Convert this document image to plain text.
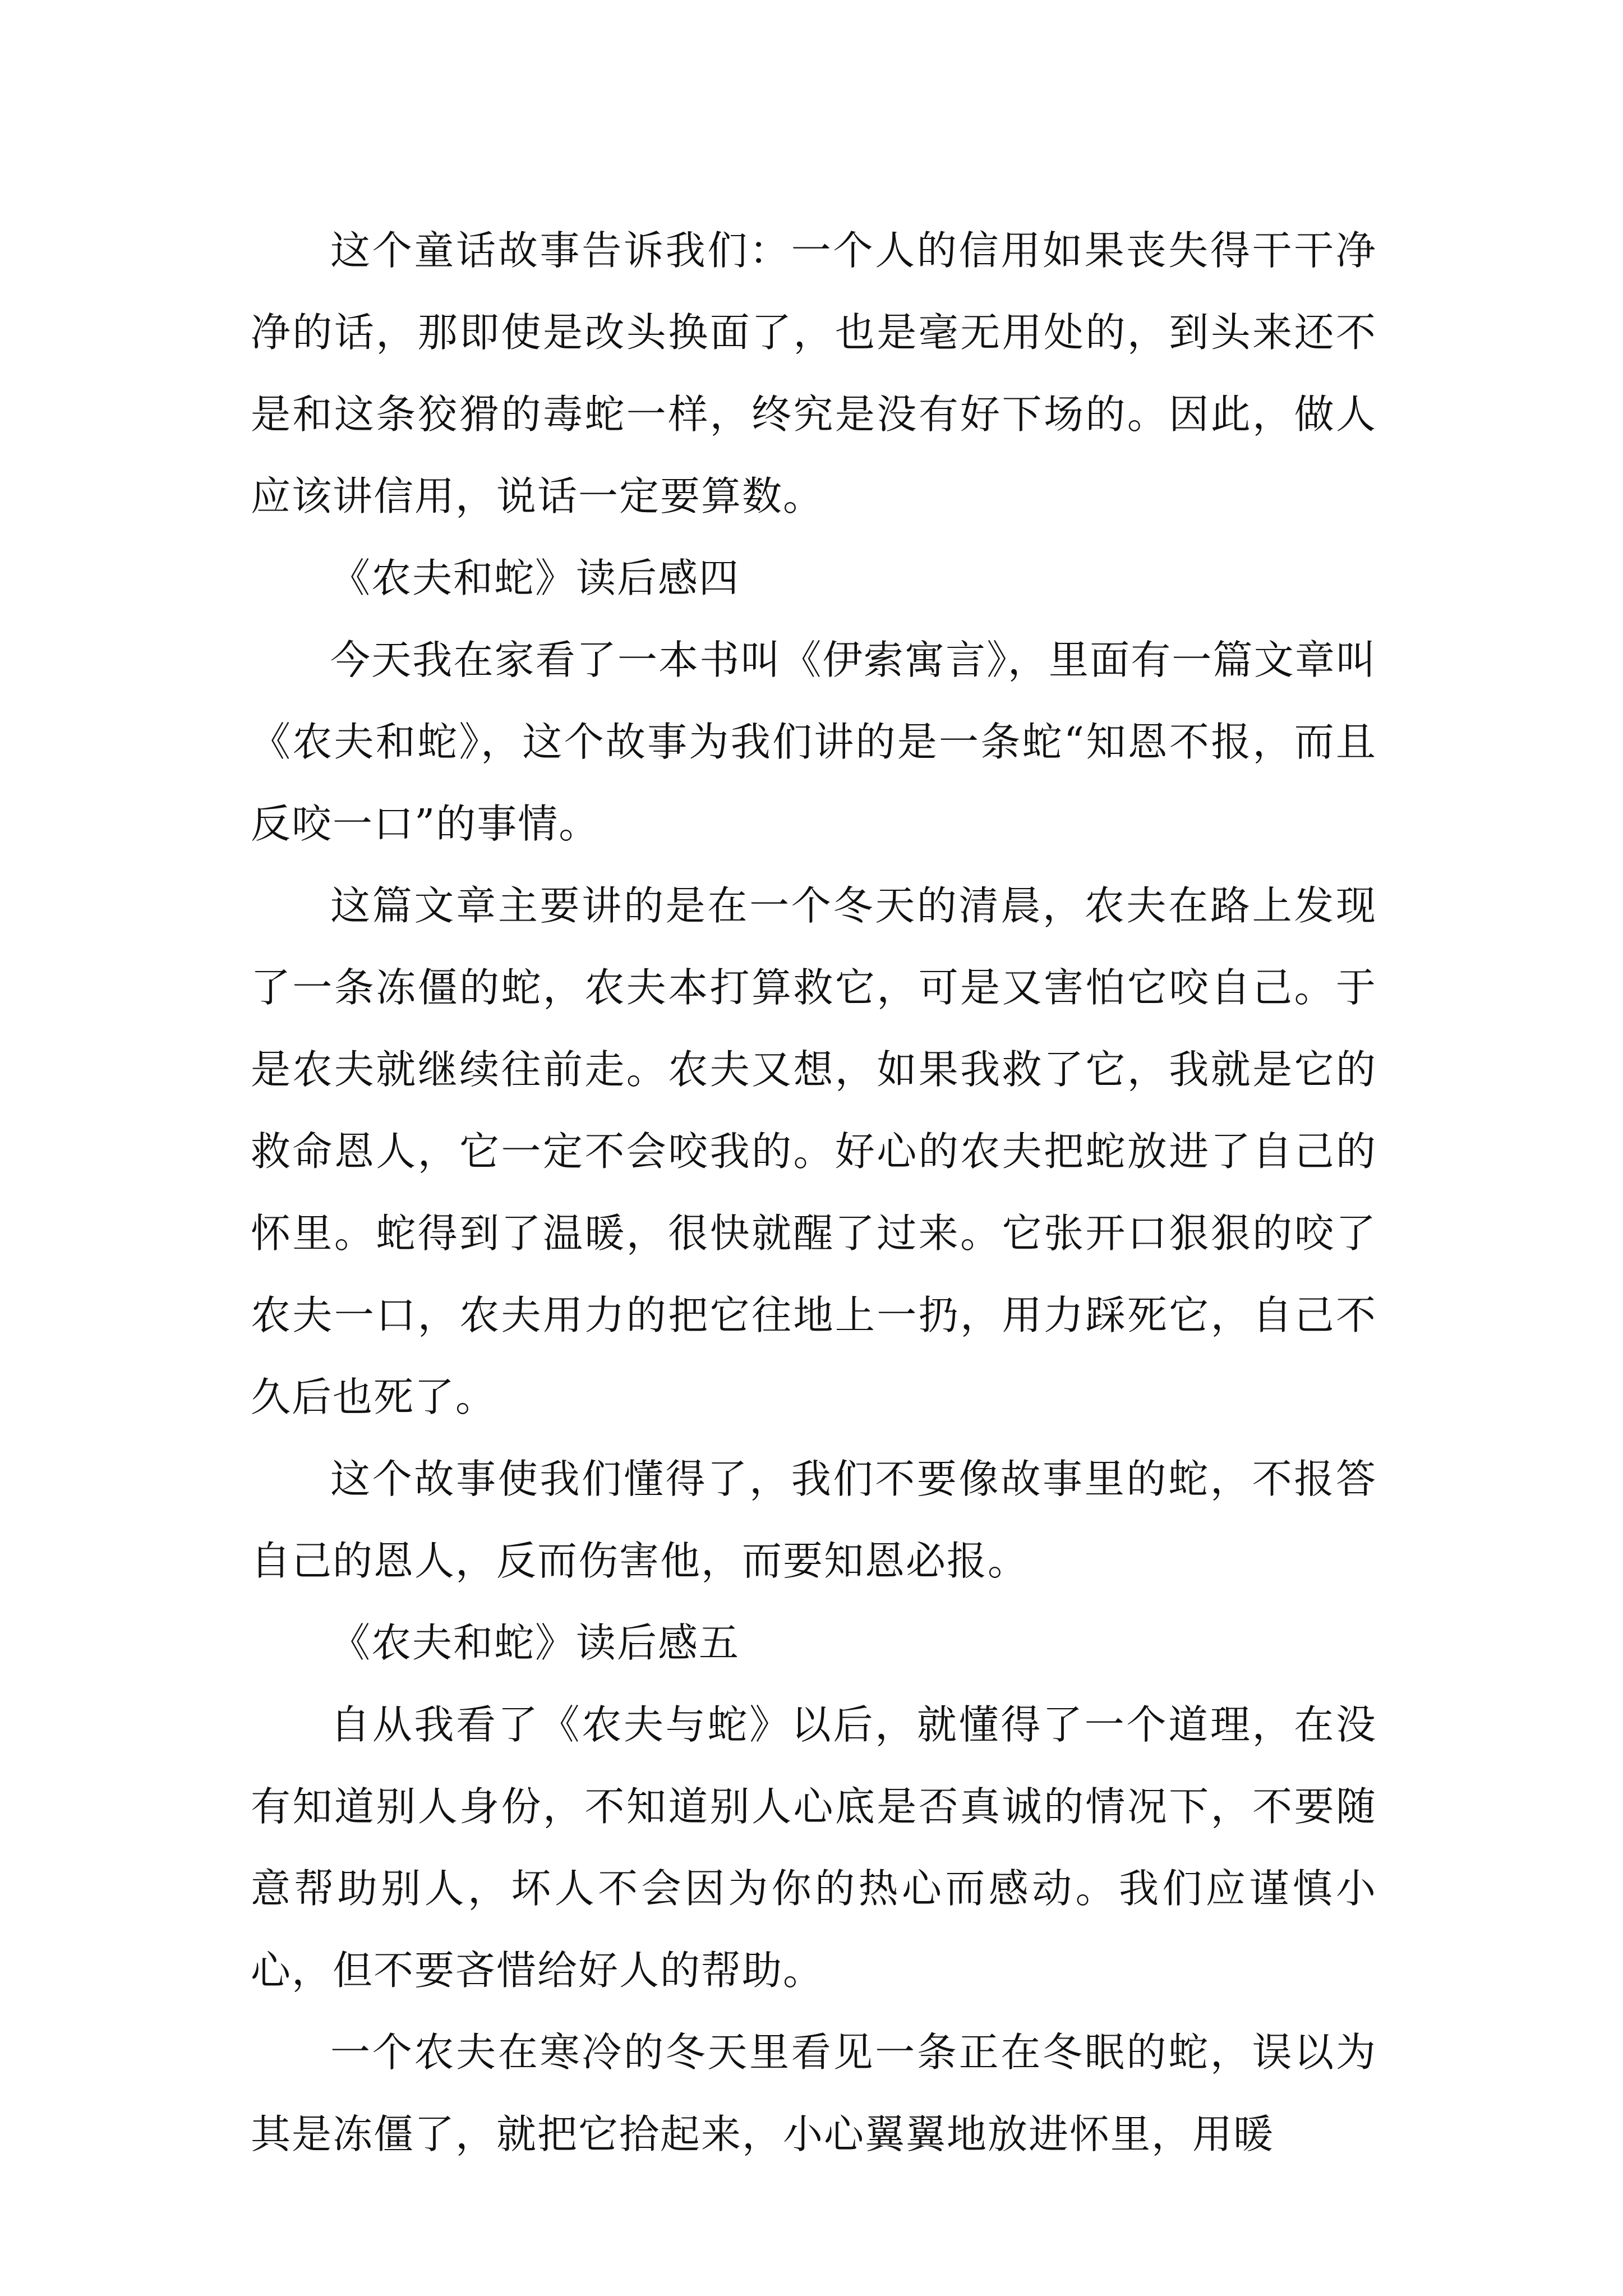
这个童话故事告诉我们：一个人的信用如果丧失得干干净净的话，那即使是改头换面了，也是毫无用处的，到头来还不是和这条狡猾的毒蛇一样，终究是没有好下场的。因此，做人应该讲信用，说话一定要算数。

《农夫和蛇》读后感四

今天我在家看了一本书叫《伊索寓言》，里面有一篇文章叫《农夫和蛇》，这个故事为我们讲的是一条蛇“知恩不报，而且反咬一口”的事情。

这篇文章主要讲的是在一个冬天的清晨，农夫在路上发现了一条冻僵的蛇，农夫本打算救它，可是又害怕它咬自己。于是农夫就继续往前走。农夫又想，如果我救了它，我就是它的救命恩人，它一定不会咬我的。好心的农夫把蛇放进了自己的怀里。蛇得到了温暖，很快就醒了过来。它张开口狠狠的咬了农夫一口，农夫用力的把它往地上一扔，用力踩死它，自己不久后也死了。

这个故事使我们懂得了，我们不要像故事里的蛇，不报答自己的恩人，反而伤害他，而要知恩必报。

《农夫和蛇》读后感五

自从我看了《农夫与蛇》以后，就懂得了一个道理，在没有知道别人身份，不知道别人心底是否真诚的情况下，不要随意帮助别人，坏人不会因为你的热心而感动。我们应谨慎小心，但不要吝惜给好人的帮助。

一个农夫在寒冷的冬天里看见一条正在冬眠的蛇，误以为其是冻僵了，就把它拾起来，小心翼翼地放进怀里，用暖
